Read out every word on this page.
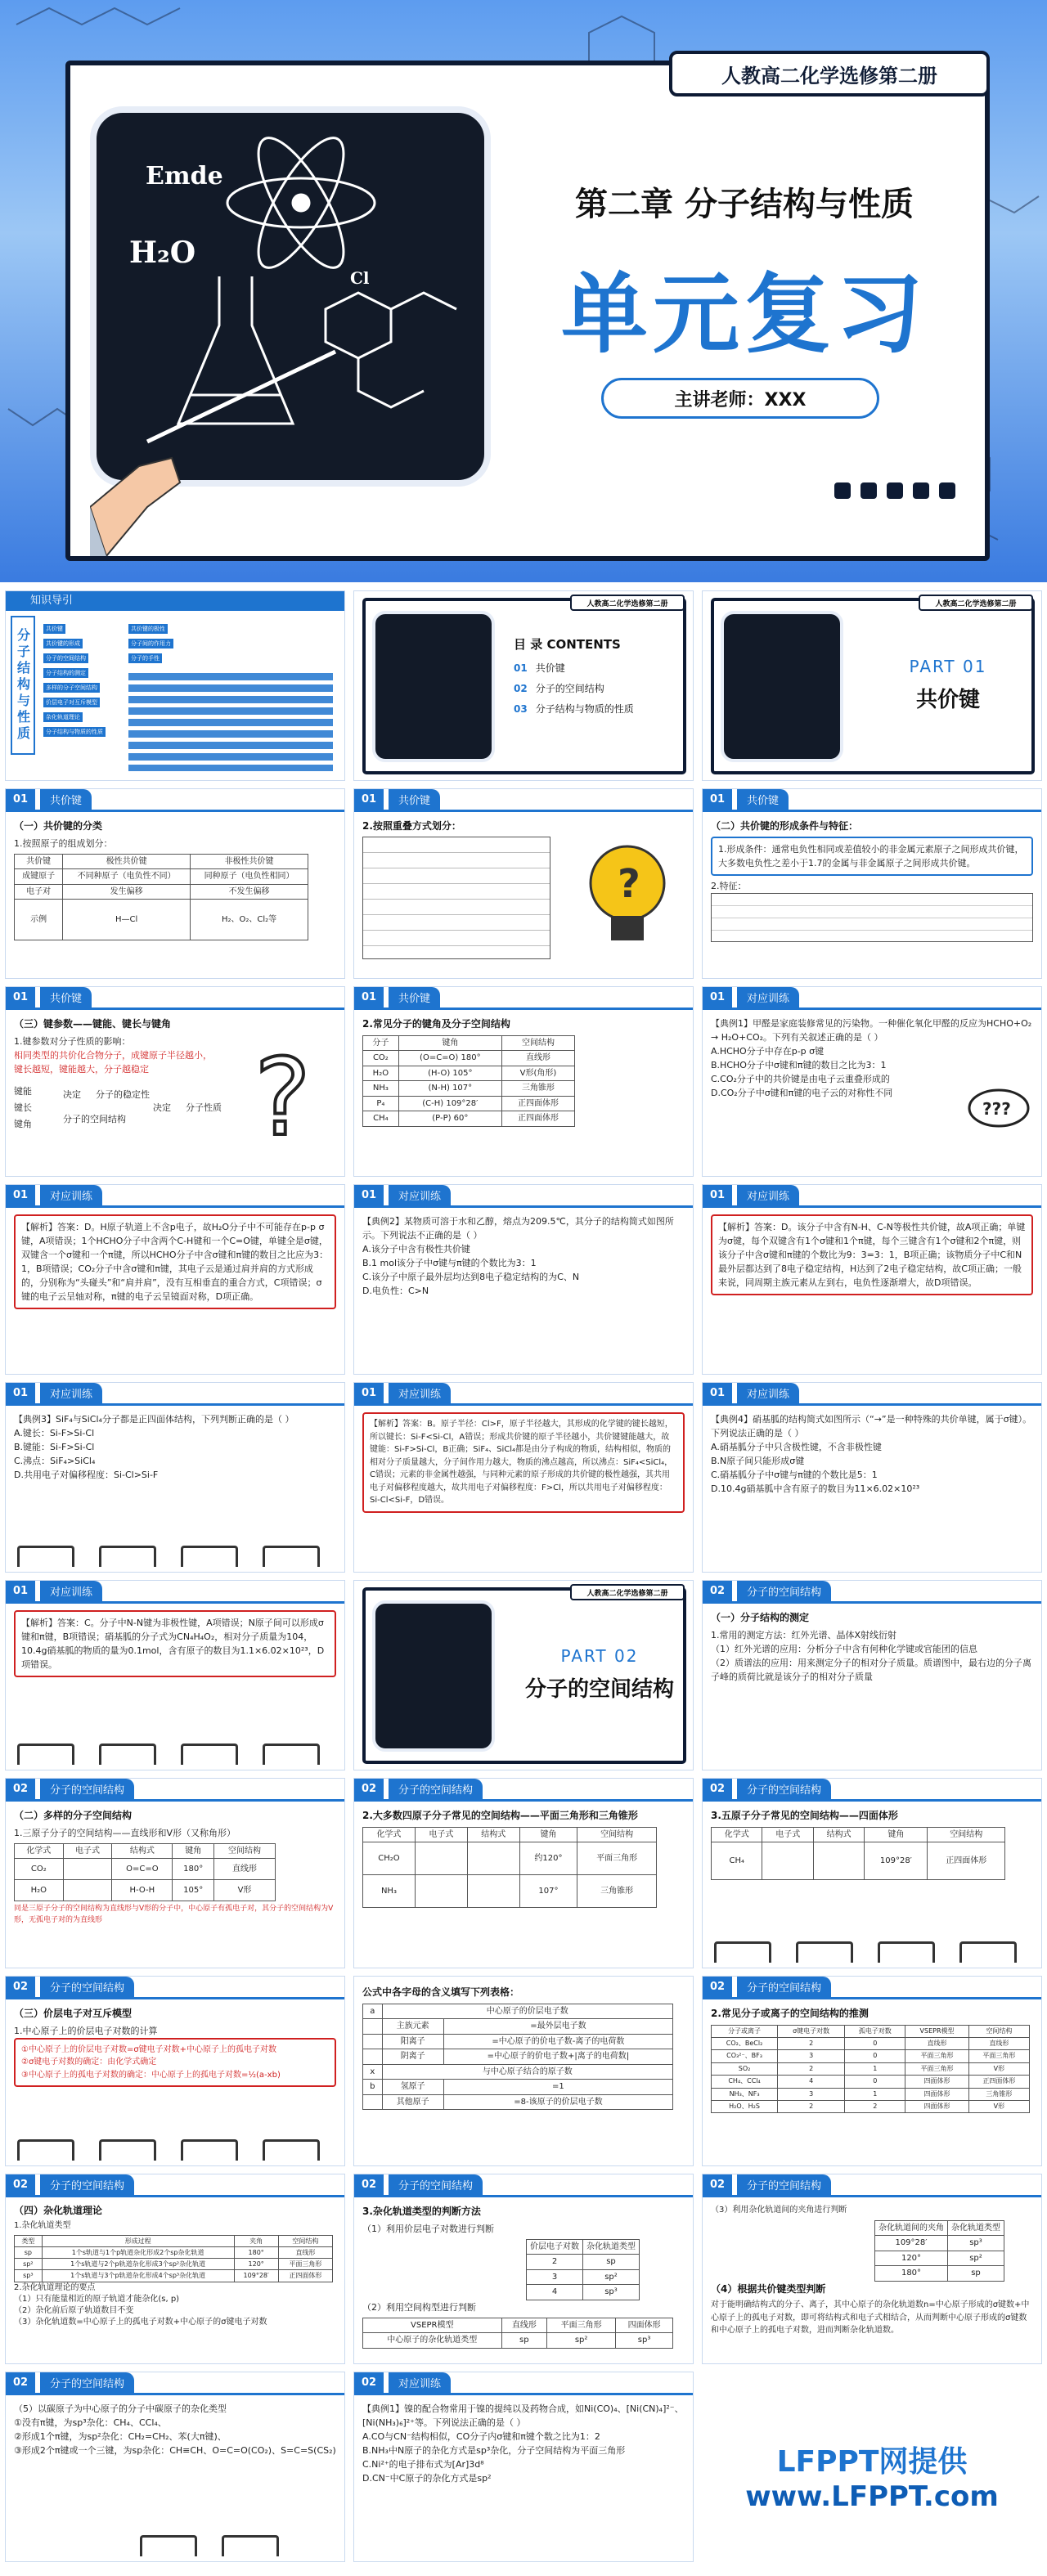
Emde
H₂O
Cl
人教高二化学选修第二册
第二章 分子结构与性质
单元复习
主讲老师：XXX
知识导引
分子结构与性质	共价键
共价键的形成
分子的空间结构
分子结构的测定
多样的分子空间结构
价层电子对互斥模型
杂化轨道理论
分子结构与物质的性质
共价键的极性
分子间的作用力
分子的手性
人教高二化学选修第二册
目 录 CONTENTS
01 共价键
02 分子的空间结构
03 分子结构与物质的性质
人教高二化学选修第二册
PART 01
共价键
01	共价键
（一）共价键的分类
1.按照原子的组成划分：
共价键	极性共价键	非极性共价键
成键原子	不同种原子（电负性不同）	同种原子（电负性相同）
电子对	发生偏移	不发生偏移
示例	H—Cl	H₂、O₂、Cl₂等
01	共价键
2.按照重叠方式划分：
?
01	共价键
（二）共价键的形成条件与特征：
1.形成条件：通常电负性相同或差值较小的非金属元素原子之间形成共价键，大多数电负性之差小于1.7的金属与非金属原子之间形成共价键。
2.特征：
01	共价键
（三）键参数——键能、键长与键角
1.键参数对分子性质的影响：
相同类型的共价化合物分子，成键原子半径越小，键长越短，键能越大，分子越稳定
键能
键长
键角
决定 分子的稳定性
分子的空间结构
决定 分子性质 ?
01	共价键
2.常见分子的键角及分子空间结构
分子	键角	空间结构
CO₂	(O=C=O) 180°	直线形
H₂O	(H-O) 105°	V形(角形)
NH₃	(N-H) 107°	三角锥形
P₄	(C-H) 109°28′	正四面体形
CH₄	(P-P) 60°	正四面体形
01	对应训练
【典例1】甲醛是家庭装修常见的污染物。一种催化氧化甲醛的反应为HCHO+O₂ → H₂O+CO₂。下列有关叙述正确的是（ ）
A.HCHO分子中存在p-p σ键
B.HCHO分子中σ键和π键的数目之比为3：1
C.CO₂分子中的共价键是由电子云重叠形成的
D.CO₂分子中σ键和π键的电子云的对称性不同
???
01	对应训练
【解析】答案：D。H原子轨道上不含p电子，故H₂O分子中不可能存在p-p σ键，A项错误；1个HCHO分子中含两个C-H键和一个C=O键，单键全是σ键，双键含一个σ键和一个π键，所以HCHO分子中含σ键和π键的数目之比应为3：1，B项错误；CO₂分子中含σ键和π键，其电子云是通过肩并肩的方式形成的，分别称为“头碰头”和“肩并肩”，没有互相垂直的重合方式，C项错误；σ键的电子云呈轴对称，π键的电子云呈镜面对称，D项正确。
01	对应训练
【典例2】某物质可溶于水和乙醇，熔点为209.5℃，其分子的结构简式如图所示。下列说法不正确的是（ ）
A.该分子中含有极性共价键
B.1 mol该分子中σ键与π键的个数比为3：1
C.该分子中原子最外层均达到8电子稳定结构的为C、N
D.电负性：C>N
01	对应训练
【解析】答案：D。该分子中含有N-H、C-N等极性共价键，故A项正确；单键为σ键，每个双键含有1个σ键和1个π键，每个三键含有1个σ键和2个π键，则该分子中含σ键和π键的个数比为9：3=3：1，B项正确；该物质分子中C和N最外层都达到了8电子稳定结构，H达到了2电子稳定结构，故C项正确；一般来说，同周期主族元素从左到右，电负性逐渐增大，故D项错误。
01	对应训练
【典例3】SiF₄与SiCl₄分子都是正四面体结构，下列判断正确的是（ ）
A.键长：Si-F>Si-Cl
B.键能：Si-F>Si-Cl
C.沸点：SiF₄>SiCl₄
D.共用电子对偏移程度：Si-Cl>Si-F
01	对应训练
【解析】答案：B。原子半径：Cl>F，原子半径越大，其形成的化学键的键长越短，所以键长：Si-F<Si-Cl，A错误；形成共价键的原子半径越小，共价键键能越大，故键能：Si-F>Si-Cl，B正确；SiF₄、SiCl₄都是由分子构成的物质，结构相似，物质的相对分子质量越大，分子间作用力越大，物质的沸点越高，所以沸点：SiF₄<SiCl₄，C错误；元素的非金属性越强，与同种元素的原子形成的共价键的极性越强，其共用电子对偏移程度越大，故共用电子对偏移程度：F>Cl，所以共用电子对偏移程度：Si-Cl<Si-F，D错误。
01	对应训练
【典例4】硝基胍的结构简式如图所示（“→”是一种特殊的共价单键，属于σ键）。下列说法正确的是（ ）
A.硝基胍分子中只含极性键，不含非极性键
B.N原子间只能形成σ键
C.硝基胍分子中σ键与π键的个数比是5：1
D.10.4g硝基胍中含有原子的数目为11×6.02×10²³
01	对应训练
【解析】答案：C。分子中N-N键为非极性键，A项错误；N原子间可以形成σ键和π键，B项错误；硝基胍的分子式为CN₄H₄O₂，相对分子质量为104，10.4g硝基胍的物质的量为0.1mol，含有原子的数目为1.1×6.02×10²³，D项错误。
人教高二化学选修第二册
PART 02
分子的空间结构
02	分子的空间结构
（一）分子结构的测定
1.常用的测定方法：红外光谱、晶体X射线衍射
（1）红外光谱的应用：分析分子中含有何种化学键或官能团的信息
（2）质谱法的应用：用来测定分子的相对分子质量。质谱图中，最右边的分子离子峰的质荷比就是该分子的相对分子质量
02	分子的空间结构
（二）多样的分子空间结构
1.三原子分子的空间结构——直线形和V形（又称角形）
化学式	电子式	结构式	键角	空间结构
CO₂		O=C=O	180°	直线形
H₂O		H-O-H	105°	V形
同是三原子分子的空间结构为直线形与V形的分子中，中心原子有孤电子对，其分子的空间结构为V形，无孤电子对的为直线形
02	分子的空间结构
2.大多数四原子分子常见的空间结构——平面三角形和三角锥形
化学式	电子式	结构式	键角	空间结构
CH₂O			约120°	平面三角形
NH₃			107°	三角锥形
02	分子的空间结构
3.五原子分子常见的空间结构——四面体形
化学式	电子式	结构式	键角	空间结构
CH₄			109°28′	正四面体形
02	分子的空间结构
（三）价层电子对互斥模型
1.中心原子上的价层电子对数的计算
①中心原子上的价层电子对数=σ键电子对数+中心原子上的孤电子对数
②σ键电子对数的确定：由化学式确定
③中心原子上的孤电子对数的确定：中心原子上的孤电子对数=½(a-xb)
公式中各字母的含义填写下列表格：
a	中心原子的价层电子数	
	主族元素	=最外层电子数
	阳离子	=中心原子的价电子数-离子的电荷数
	阴离子	=中心原子的价电子数+|离子的电荷数|
x	与中心原子结合的原子数	
b	氢原子	=1
	其他原子	=8-该原子的价层电子数
02	分子的空间结构
2.常见分子或离子的空间结构的推测
分子或离子	σ键电子对数	孤电子对数	VSEPR模型	空间结构
CO₂、BeCl₂	2	0	直线形	直线形
CO₃²⁻、BF₃	3	0	平面三角形	平面三角形
SO₂	2	1	平面三角形	V形
CH₄、CCl₄	4	0	四面体形	正四面体形
NH₃、NF₃	3	1	四面体形	三角锥形
H₂O、H₂S	2	2	四面体形	V形
02	分子的空间结构
（四）杂化轨道理论
1.杂化轨道类型
类型	形成过程	夹角	空间结构
sp	1个s轨道与1个p轨道杂化形成2个sp杂化轨道	180°	直线形
sp²	1个s轨道与2个p轨道杂化形成3个sp²杂化轨道	120°	平面三角形
sp³	1个s轨道与3个p轨道杂化形成4个sp³杂化轨道	109°28′	正四面体形
2.杂化轨道理论的要点
（1）只有能量相近的原子轨道才能杂化(s, p)
（2）杂化前后原子轨道数目不变
（3）杂化轨道数=中心原子上的孤电子对数+中心原子的σ键电子对数
02	分子的空间结构
3.杂化轨道类型的判断方法
（1）利用价层电子对数进行判断
价层电子对数	杂化轨道类型
2	sp
3	sp²
4	sp³
（2）利用空间构型进行判断
VSEPR模型	直线形	平面三角形	四面体形
中心原子的杂化轨道类型	sp	sp²	sp³
02	分子的空间结构
（3）利用杂化轨道间的夹角进行判断
杂化轨道间的夹角	杂化轨道类型
109°28′	sp³
120°	sp²
180°	sp
（4）根据共价键类型判断
对于能明确结构式的分子、离子，其中心原子的杂化轨道数n=中心原子形成的σ键数+中心原子上的孤电子对数，即可将结构式和电子式相结合，从而判断中心原子形成的σ键数和中心原子上的孤电子对数，进而判断杂化轨道数。
02	分子的空间结构
（5）以碳原子为中心原子的分子中碳原子的杂化类型
①没有π键，为sp³杂化：CH₄、CCl₄、
②形成1个π键，为sp²杂化：CH₂=CH₂、苯(大π键)、
③形成2个π键或一个三键，为sp杂化：CH≡CH、O=C=O(CO₂)、S=C=S(CS₂)
02	对应训练
【典例1】镍的配合物常用于镍的提纯以及药物合成，如Ni(CO)₄、[Ni(CN)₄]²⁻、[Ni(NH₃)₆]²⁺等。下列说法正确的是（ ）
A.CO与CN⁻结构相似，CO分子内σ键和π键个数之比为1：2
B.NH₃中N原子的杂化方式是sp³杂化，分子空间结构为平面三角形
C.Ni²⁺的电子排布式为[Ar]3d⁸
D.CN⁻中C原子的杂化方式是sp²
LFPPT网提供
www.LFPPT.com
